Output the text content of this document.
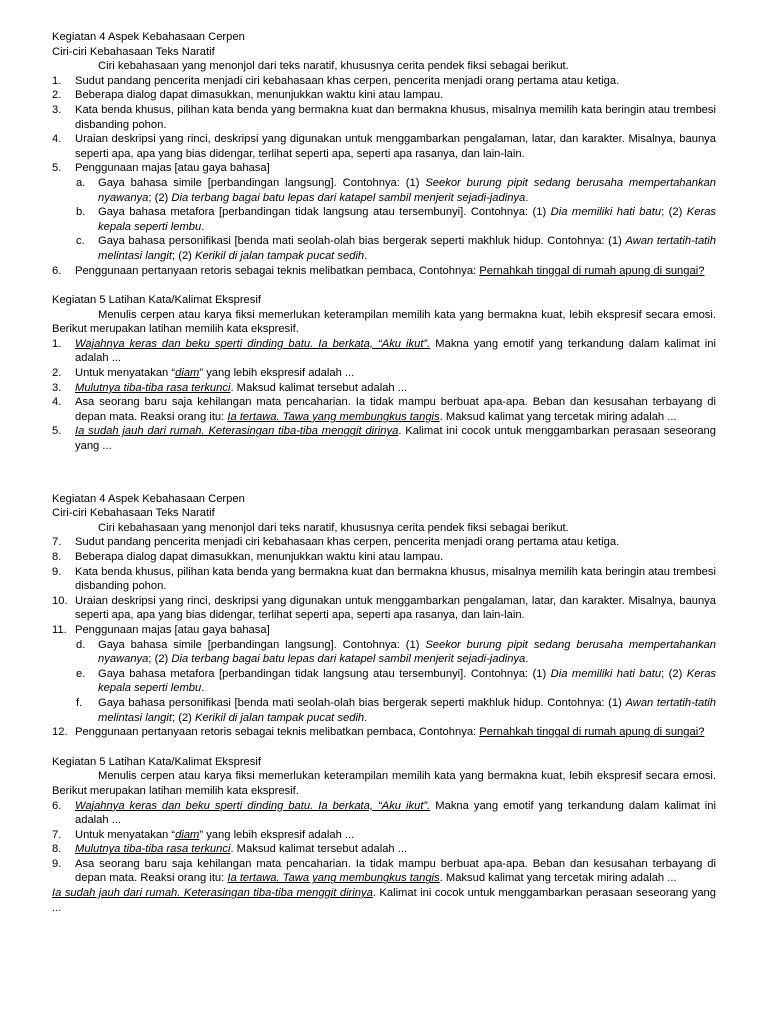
Kegiatan 4 Aspek Kebahasaan Cerpen

Ciri-ciri Kebahasaan Teks Naratif

Ciri kebahasaan yang menonjol dari teks naratif, khususnya cerita pendek fiksi sebagai berikut.

1. Sudut pandang pencerita menjadi ciri kebahasaan khas cerpen, pencerita menjadi orang pertama atau ketiga.
2. Beberapa dialog dapat dimasukkan, menunjukkan waktu kini atau lampau.
3. Kata benda khusus, pilihan kata benda yang bermakna kuat dan bermakna khusus, misalnya memilih kata beringin atau trembesi disbanding pohon.
4. Uraian deskripsi yang rinci, deskripsi yang digunakan untuk menggambarkan pengalaman, latar, dan karakter. Misalnya, baunya seperti apa, apa yang bias didengar, terlihat seperti apa, seperti apa rasanya, dan lain-lain.
5. Penggunaan majas [atau gaya bahasa]
a. Gaya bahasa simile [perbandingan langsung]. Contohnya: (1) Seekor burung pipit sedang berusaha mempertahankan nyawanya; (2) Dia terbang bagai batu lepas dari katapel sambil menjerit sejadi-jadinya.
b. Gaya bahasa metafora [perbandingan tidak langsung atau tersembunyi]. Contohnya: (1) Dia memiliki hati batu; (2) Keras kepala seperti lembu.
c. Gaya bahasa personifikasi [benda mati seolah-olah bias bergerak seperti makhluk hidup. Contohnya: (1) Awan tertatih-tatih melintasi langit; (2) Kerikil di jalan tampak pucat sedih.
6. Penggunaan pertanyaan retoris sebagai teknis melibatkan pembaca, Contohnya: Pernahkah tinggal di rumah apung di sungai?

Kegiatan 5 Latihan Kata/Kalimat Ekspresif

Menulis cerpen atau karya fiksi memerlukan keterampilan memilih kata yang bermakna kuat, lebih ekspresif secara emosi. Berikut merupakan latihan memilih kata ekspresif.

1. Wajahnya keras dan beku sperti dinding batu. Ia berkata, “Aku ikut”. Makna yang emotif yang terkandung dalam kalimat ini adalah ...
2. Untuk menyatakan “diam” yang lebih ekspresif adalah ...
3. Mulutnya tiba-tiba rasa terkunci. Maksud kalimat tersebut adalah ...
4. Asa seorang baru saja kehilangan mata pencaharian. Ia tidak mampu berbuat apa-apa. Beban dan kesusahan terbayang di depan mata. Reaksi orang itu: Ia tertawa. Tawa yang membungkus tangis. Maksud kalimat yang tercetak miring adalah ...
5. Ia sudah jauh dari rumah. Keterasingan tiba-tiba menggit dirinya. Kalimat ini cocok untuk menggambarkan perasaan seseorang yang ...

Kegiatan 4 Aspek Kebahasaan Cerpen

Ciri-ciri Kebahasaan Teks Naratif

Ciri kebahasaan yang menonjol dari teks naratif, khususnya cerita pendek fiksi sebagai berikut.

7. Sudut pandang pencerita menjadi ciri kebahasaan khas cerpen, pencerita menjadi orang pertama atau ketiga.
8. Beberapa dialog dapat dimasukkan, menunjukkan waktu kini atau lampau.
9. Kata benda khusus, pilihan kata benda yang bermakna kuat dan bermakna khusus, misalnya memilih kata beringin atau trembesi disbanding pohon.
10. Uraian deskripsi yang rinci, deskripsi yang digunakan untuk menggambarkan pengalaman, latar, dan karakter. Misalnya, baunya seperti apa, apa yang bias didengar, terlihat seperti apa, seperti apa rasanya, dan lain-lain.
11. Penggunaan majas [atau gaya bahasa]
d. Gaya bahasa simile [perbandingan langsung]. Contohnya: (1) Seekor burung pipit sedang berusaha mempertahankan nyawanya; (2) Dia terbang bagai batu lepas dari katapel sambil menjerit sejadi-jadinya.
e. Gaya bahasa metafora [perbandingan tidak langsung atau tersembunyi]. Contohnya: (1) Dia memiliki hati batu; (2) Keras kepala seperti lembu.
f. Gaya bahasa personifikasi [benda mati seolah-olah bias bergerak seperti makhluk hidup. Contohnya: (1) Awan tertatih-tatih melintasi langit; (2) Kerikil di jalan tampak pucat sedih.
12. Penggunaan pertanyaan retoris sebagai teknis melibatkan pembaca, Contohnya: Pernahkah tinggal di rumah apung di sungai?

Kegiatan 5 Latihan Kata/Kalimat Ekspresif

Menulis cerpen atau karya fiksi memerlukan keterampilan memilih kata yang bermakna kuat, lebih ekspresif secara emosi. Berikut merupakan latihan memilih kata ekspresif.

6. Wajahnya keras dan beku sperti dinding batu. Ia berkata, “Aku ikut”. Makna yang emotif yang terkandung dalam kalimat ini adalah ...
7. Untuk menyatakan “diam” yang lebih ekspresif adalah ...
8. Mulutnya tiba-tiba rasa terkunci. Maksud kalimat tersebut adalah ...
9. Asa seorang baru saja kehilangan mata pencaharian. Ia tidak mampu berbuat apa-apa. Beban dan kesusahan terbayang di depan mata. Reaksi orang itu: Ia tertawa. Tawa yang membungkus tangis. Maksud kalimat yang tercetak miring adalah ...
Ia sudah jauh dari rumah. Keterasingan tiba-tiba menggit dirinya. Kalimat ini cocok untuk menggambarkan perasaan seseorang yang ...
